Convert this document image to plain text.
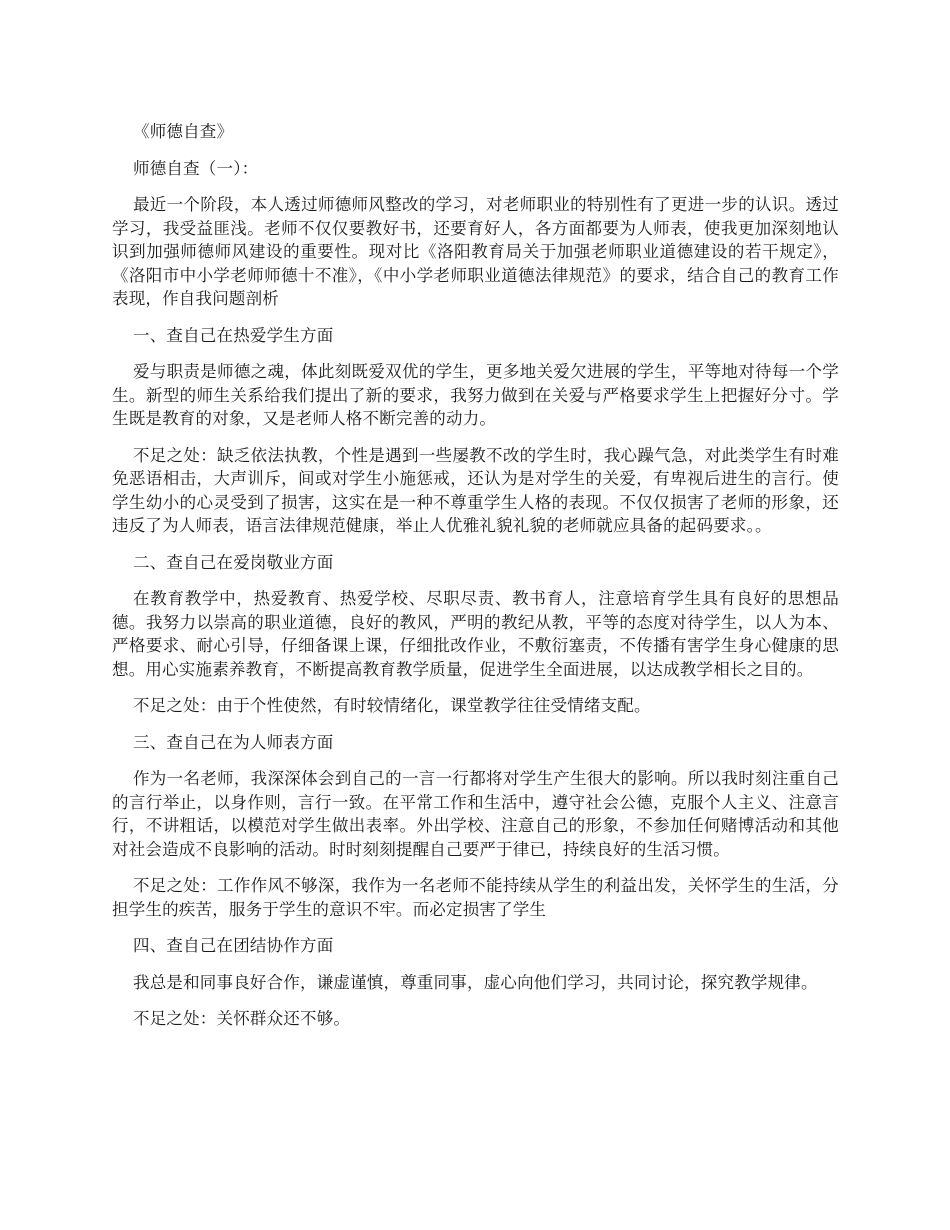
《师德自查》

师德自查（一）：

最近一个阶段，本人透过师德师风整改的学习，对老师职业的特别性有了更进一步的认识。透过学习，我受益匪浅。老师不仅仅要教好书，还要育好人，各方面都要为人师表，使我更加深刻地认识到加强师德师风建设的重要性。现对比《洛阳教育局关于加强老师职业道德建设的若干规定》，《洛阳市中小学老师师德十不准》，《中小学老师职业道德法律规范》的要求，结合自己的教育工作表现，作自我问题剖析

一、查自己在热爱学生方面

爱与职责是师德之魂，体此刻既爱双优的学生，更多地关爱欠进展的学生，平等地对待每一个学生。新型的师生关系给我们提出了新的要求，我努力做到在关爱与严格要求学生上把握好分寸。学生既是教育的对象，又是老师人格不断完善的动力。

不足之处：缺乏依法执教，个性是遇到一些屡教不改的学生时，我心躁气急，对此类学生有时难免恶语相击，大声训斥，间或对学生小施惩戒，还认为是对学生的关爱，有卑视后进生的言行。使学生幼小的心灵受到了损害，这实在是一种不尊重学生人格的表现。不仅仅损害了老师的形象，还违反了为人师表，语言法律规范健康，举止人优雅礼貌礼貌的老师就应具备的起码要求。。

二、查自己在爱岗敬业方面

在教育教学中，热爱教育、热爱学校、尽职尽责、教书育人，注意培育学生具有良好的思想品德。我努力以崇高的职业道德，良好的教风，严明的教纪从教，平等的态度对待学生，以人为本、严格要求、耐心引导，仔细备课上课，仔细批改作业，不敷衍塞责，不传播有害学生身心健康的思想。用心实施素养教育，不断提高教育教学质量，促进学生全面进展，以达成教学相长之目的。

不足之处：由于个性使然，有时较情绪化，课堂教学往往受情绪支配。

三、查自己在为人师表方面

作为一名老师，我深深体会到自己的一言一行都将对学生产生很大的影响。所以我时刻注重自己的言行举止，以身作则，言行一致。在平常工作和生活中，遵守社会公德，克服个人主义、注意言行，不讲粗话，以模范对学生做出表率。外出学校、注意自己的形象，不参加任何赌博活动和其他对社会造成不良影响的活动。时时刻刻提醒自己要严于律已，持续良好的生活习惯。

不足之处：工作作风不够深，我作为一名老师不能持续从学生的利益出发，关怀学生的生活，分担学生的疾苦，服务于学生的意识不牢。而必定损害了学生

四、查自己在团结协作方面

我总是和同事良好合作，谦虚谨慎，尊重同事，虚心向他们学习，共同讨论，探究教学规律。

不足之处：关怀群众还不够。
